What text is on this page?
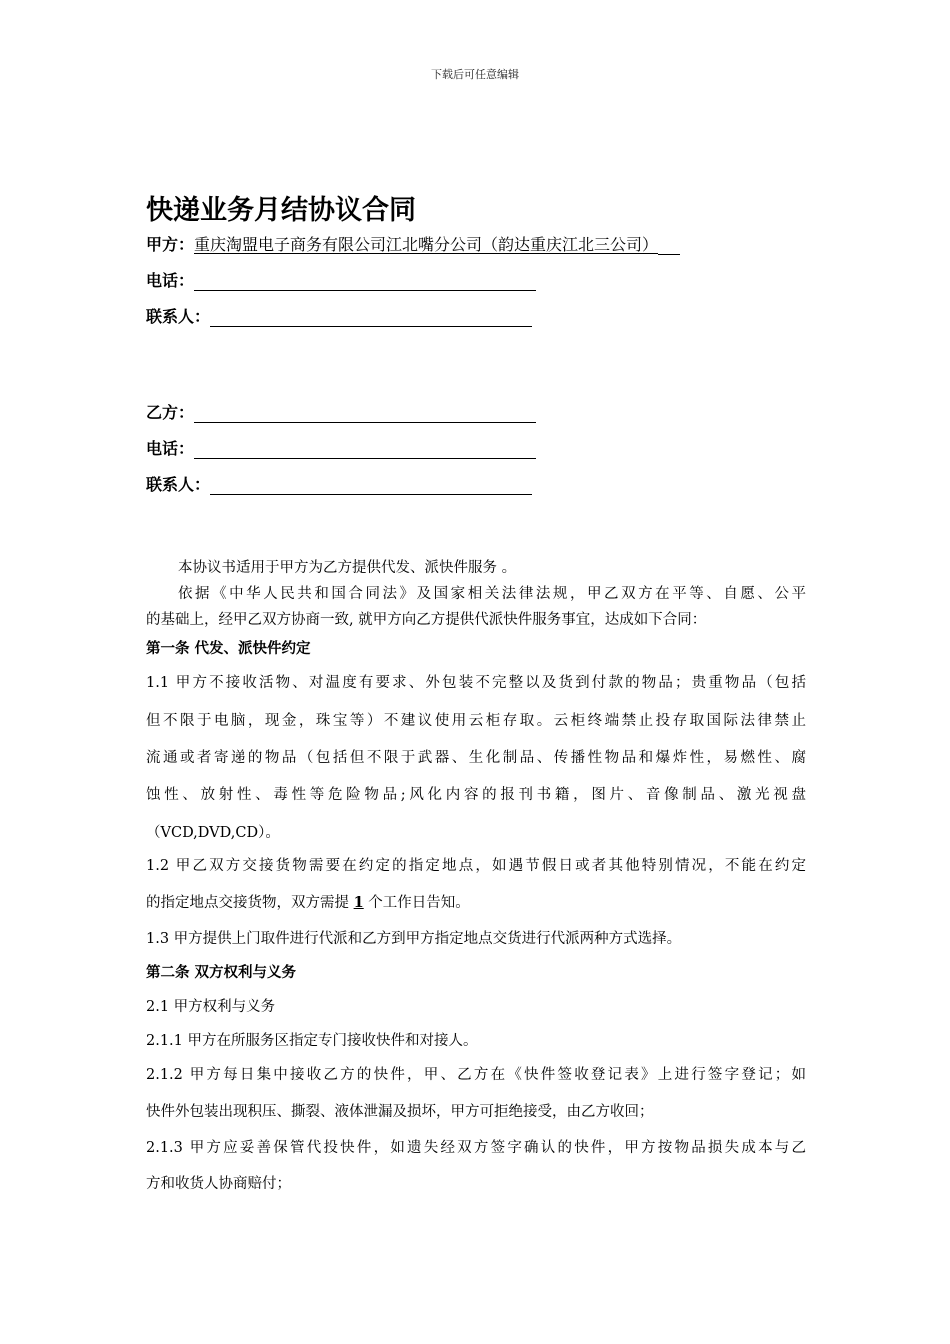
下载后可任意编辑
快递业务月结协议合同
甲方：重庆淘盟电子商务有限公司江北嘴分公司（韵达重庆江北三公司）
电话：
联系人：
乙方：
电话：
联系人：
本协议书适用于甲方为乙方提供代发、派快件服务 。
依据《中华人民共和国合同法》及国家相关法律法规，甲乙双方在平等、自愿、公平
的基础上，经甲乙双方协商一致, 就甲方向乙方提供代派快件服务事宜，达成如下合同：
第一条 代发、派快件约定
1.1 甲方不接收活物、对温度有要求、外包装不完整以及货到付款的物品；贵重物品（包括
但不限于电脑，现金，珠宝等）不建议使用云柜存取。云柜终端禁止投存取国际法律禁止
流通或者寄递的物品（包括但不限于武器、生化制品、传播性物品和爆炸性，易燃性、腐
蚀性、放射性、毒性等危险物品;风化内容的报刊书籍，图片、音像制品、激光视盘
（VCD,DVD,CD）。
1.2 甲乙双方交接货物需要在约定的指定地点，如遇节假日或者其他特别情况，不能在约定
的指定地点交接货物，双方需提 1 个工作日告知。
1.3 甲方提供上门取件进行代派和乙方到甲方指定地点交货进行代派两种方式选择。
第二条 双方权利与义务
2.1 甲方权利与义务
2.1.1 甲方在所服务区指定专门接收快件和对接人。
2.1.2 甲方每日集中接收乙方的快件，甲、乙方在《快件签收登记表》上进行签字登记；如
快件外包装出现积压、撕裂、液体泄漏及损坏，甲方可拒绝接受，由乙方收回；
2.1.3 甲方应妥善保管代投快件，如遗失经双方签字确认的快件，甲方按物品损失成本与乙
方和收货人协商赔付；
